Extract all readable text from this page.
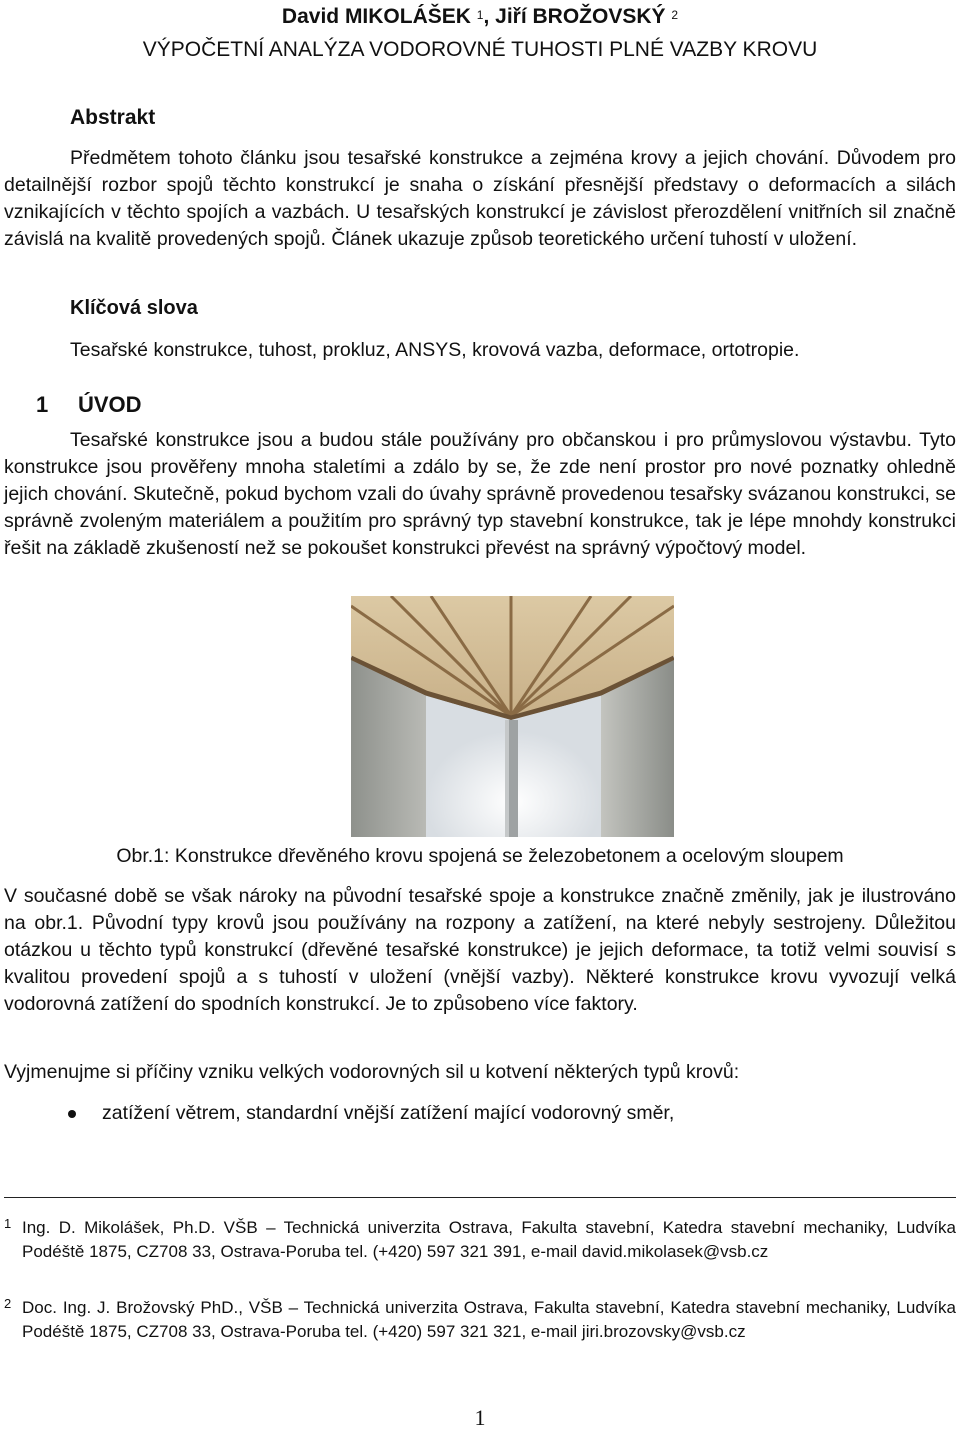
David MIKOLÁŠEK $^1$, Jiří BROŽOVSKÝ $^2$
VÝPOČETNÍ ANALÝZA VODOROVNÉ TUHOSTI PLNÉ VAZBY KROVU
Abstrakt
Předmětem tohoto článku jsou tesařské konstrukce a zejména krovy a jejich chování. Důvodem pro detailnější rozbor spojů těchto konstrukcí je snaha o získání přesnější představy o deformacích a silách vznikajících v těchto spojích a vazbách. U tesařských konstrukcí je závislost přerozdělení vnitřních sil značně závislá na kvalitě provedených spojů. Článek ukazuje způsob teoretického určení tuhostí v uložení.
Klíčová slova
Tesařské konstrukce, tuhost, prokluz, ANSYS, krovová vazba, deformace, ortotropie.
1 ÚVOD
Tesařské konstrukce jsou a budou stále používány pro občanskou i pro průmyslovou výstavbu. Tyto konstrukce jsou prověřeny mnoha staletími a zdálo by se, že zde není prostor pro nové poznatky ohledně jejich chování. Skutečně, pokud bychom vzali do úvahy správně provedenou tesařsky svázanou konstrukci, se správně zvoleným materiálem a použitím pro správný typ stavební konstrukce, tak je lépe mnohdy konstrukci řešit na základě zkušeností než se pokoušet konstrukci převést na správný výpočtový model.
Obr.1: Konstrukce dřevěného krovu spojená se železobetonem a ocelovým sloupem
V současné době se však nároky na původní tesařské spoje a konstrukce značně změnily, jak je ilustrováno na obr.1. Původní typy krovů jsou používány na rozpony a zatížení, na které nebyly sestrojeny. Důležitou otázkou u těchto typů konstrukcí (dřevěné tesařské konstrukce) je jejich deformace, ta totiž velmi souvisí s kvalitou provedení spojů a s tuhostí v uložení (vnější vazby). Některé konstrukce krovu vyvozují velká vodorovná zatížení do spodních konstrukcí. Je to způsobeno více faktory.
Vyjmenujme si příčiny vzniku velkých vodorovných sil u kotvení některých typů krovů:
zatížení větrem, standardní vnější zatížení mající vodorovný směr,
1 Ing. D. Mikolášek, Ph.D. VŠB – Technická univerzita Ostrava, Fakulta stavební, Katedra stavební mechaniky, Ludvíka Podéště 1875, CZ708 33, Ostrava-Poruba tel. (+420) 597 321 391, e-mail david.mikolasek@vsb.cz
2 Doc. Ing. J. Brožovský PhD., VŠB – Technická univerzita Ostrava, Fakulta stavební, Katedra stavební mechaniky, Ludvíka Podéště 1875, CZ708 33, Ostrava-Poruba tel. (+420) 597 321 321, e-mail jiri.brozovsky@vsb.cz
1
